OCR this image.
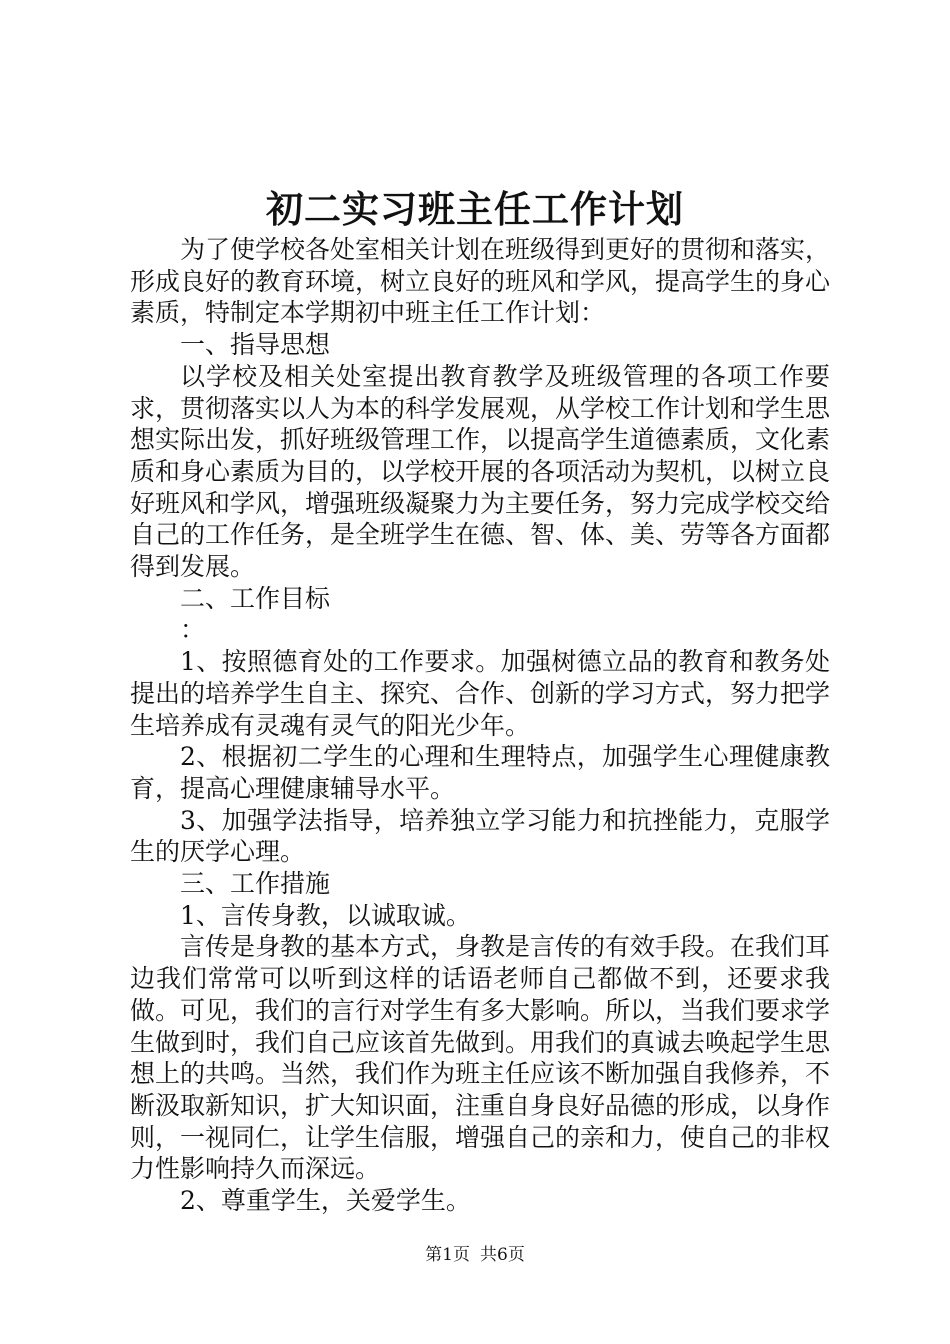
初二实习班主任工作计划

为了使学校各处室相关计划在班级得到更好的贯彻和落实，形成良好的教育环境，树立良好的班风和学风，提高学生的身心素质，特制定本学期初中班主任工作计划：

一、指导思想

以学校及相关处室提出教育教学及班级管理的各项工作要求，贯彻落实以人为本的科学发展观，从学校工作计划和学生思想实际出发，抓好班级管理工作，以提高学生道德素质，文化素质和身心素质为目的，以学校开展的各项活动为契机，以树立良好班风和学风，增强班级凝聚力为主要任务，努力完成学校交给自己的工作任务，是全班学生在德、智、体、美、劳等各方面都得到发展。

二、工作目标

：

1、按照德育处的工作要求。加强树德立品的教育和教务处提出的培养学生自主、探究、合作、创新的学习方式，努力把学生培养成有灵魂有灵气的阳光少年。

2、根据初二学生的心理和生理特点，加强学生心理健康教育，提高心理健康辅导水平。

3、加强学法指导，培养独立学习能力和抗挫能力，克服学生的厌学心理。

三、工作措施

1、言传身教，以诚取诚。

言传是身教的基本方式，身教是言传的有效手段。在我们耳边我们常常可以听到这样的话语老师自己都做不到，还要求我做。可见，我们的言行对学生有多大影响。所以，当我们要求学生做到时，我们自己应该首先做到。用我们的真诚去唤起学生思想上的共鸣。当然，我们作为班主任应该不断加强自我修养，不断汲取新知识，扩大知识面，注重自身良好品德的形成，以身作则，一视同仁，让学生信服，增强自己的亲和力，使自己的非权力性影响持久而深远。

2、尊重学生，关爱学生。

第1页 共6页
